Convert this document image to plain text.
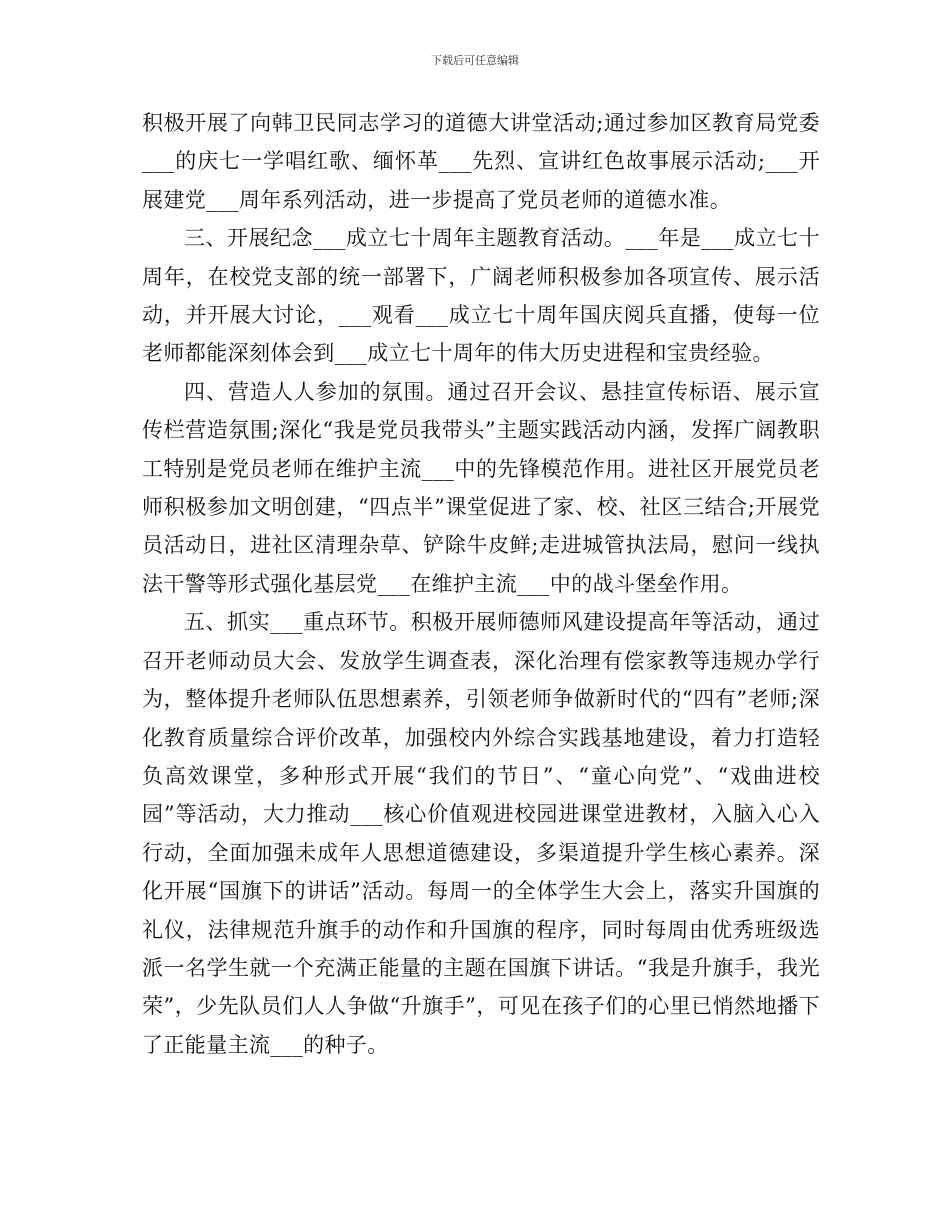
下载后可任意编辑

积极开展了向韩卫民同志学习的道德大讲堂活动;通过参加区教育局党委___的庆七一学唱红歌、缅怀革___先烈、宣讲红色故事展示活动;___开展建党___周年系列活动，进一步提高了党员老师的道德水准。

三、开展纪念___成立七十周年主题教育活动。___年是___成立七十周年，在校党支部的统一部署下，广阔老师积极参加各项宣传、展示活动，并开展大讨论，___观看___成立七十周年国庆阅兵直播，使每一位老师都能深刻体会到___成立七十周年的伟大历史进程和宝贵经验。

四、营造人人参加的氛围。通过召开会议、悬挂宣传标语、展示宣传栏营造氛围;深化“我是党员我带头”主题实践活动内涵，发挥广阔教职工特别是党员老师在维护主流___中的先锋模范作用。进社区开展党员老师积极参加文明创建，“四点半”课堂促进了家、校、社区三结合;开展党员活动日，进社区清理杂草、铲除牛皮鲜;走进城管执法局，慰问一线执法干警等形式强化基层党___在维护主流___中的战斗堡垒作用。

五、抓实___重点环节。积极开展师德师风建设提高年等活动，通过召开老师动员大会、发放学生调查表，深化治理有偿家教等违规办学行为，整体提升老师队伍思想素养，引领老师争做新时代的“四有”老师;深化教育质量综合评价改革，加强校内外综合实践基地建设，着力打造轻负高效课堂，多种形式开展“我们的节日”、“童心向党”、“戏曲进校园”等活动，大力推动___核心价值观进校园进课堂进教材，入脑入心入行动，全面加强未成年人思想道德建设，多渠道提升学生核心素养。深化开展“国旗下的讲话”活动。每周一的全体学生大会上，落实升国旗的礼仪，法律规范升旗手的动作和升国旗的程序，同时每周由优秀班级选派一名学生就一个充满正能量的主题在国旗下讲话。“我是升旗手，我光荣”，少先队员们人人争做“升旗手”，可见在孩子们的心里已悄然地播下了正能量主流___的种子。
